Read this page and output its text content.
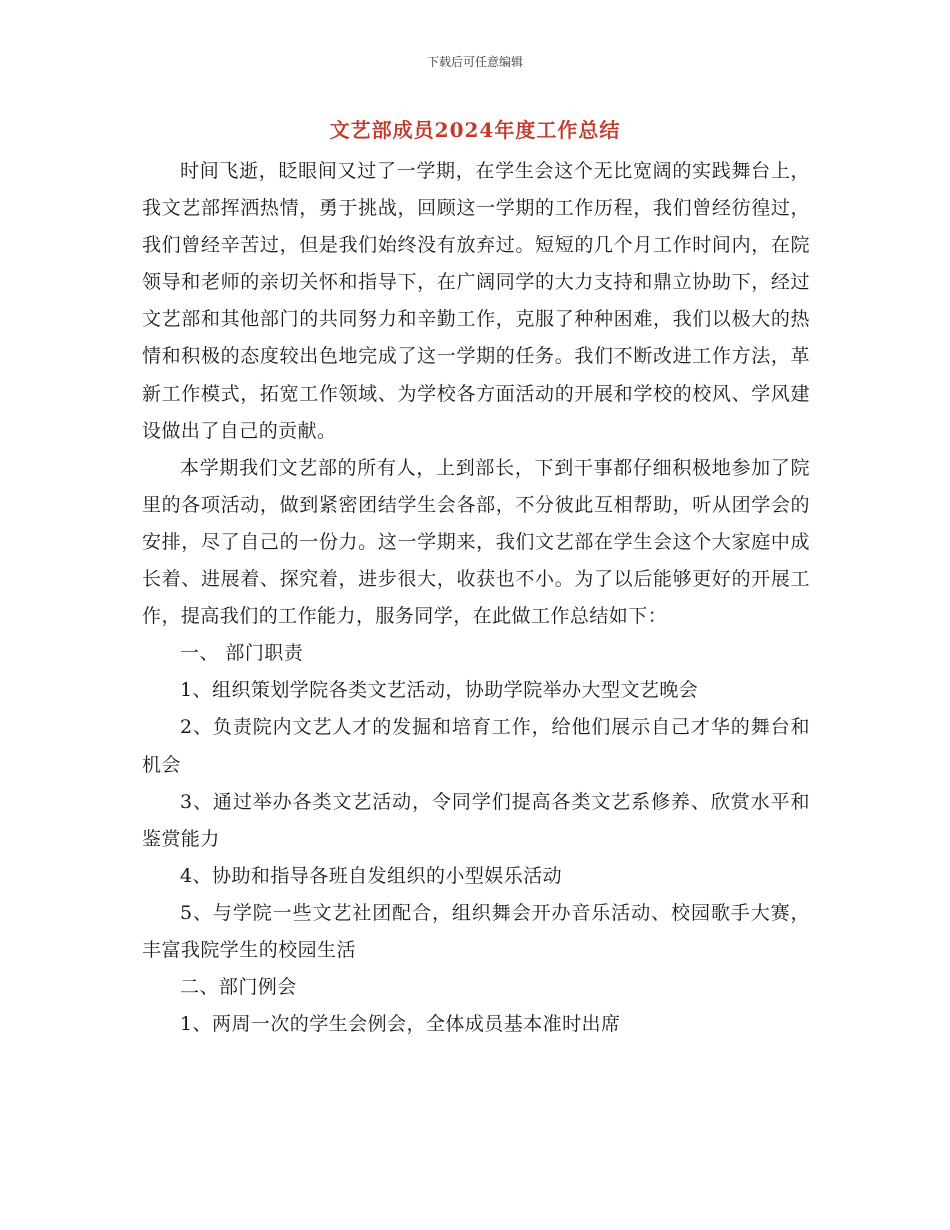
下载后可任意编辑
文艺部成员2024年度工作总结

时间飞逝，眨眼间又过了一学期，在学生会这个无比宽阔的实践舞台上，我文艺部挥洒热情，勇于挑战，回顾这一学期的工作历程，我们曾经彷徨过，我们曾经辛苦过，但是我们始终没有放弃过。短短的几个月工作时间内，在院领导和老师的亲切关怀和指导下，在广阔同学的大力支持和鼎立协助下，经过文艺部和其他部门的共同努力和辛勤工作，克服了种种困难，我们以极大的热情和积极的态度较出色地完成了这一学期的任务。我们不断改进工作方法，革新工作模式，拓宽工作领域、为学校各方面活动的开展和学校的校风、学风建设做出了自己的贡献。

本学期我们文艺部的所有人，上到部长，下到干事都仔细积极地参加了院里的各项活动，做到紧密团结学生会各部，不分彼此互相帮助，听从团学会的安排，尽了自己的一份力。这一学期来，我们文艺部在学生会这个大家庭中成长着、进展着、探究着，进步很大，收获也不小。为了以后能够更好的开展工作，提高我们的工作能力，服务同学，在此做工作总结如下：

一、 部门职责

1、组织策划学院各类文艺活动，协助学院举办大型文艺晚会

2、负责院内文艺人才的发掘和培育工作，给他们展示自己才华的舞台和机会

3、通过举办各类文艺活动，令同学们提高各类文艺系修养、欣赏水平和鉴赏能力

4、协助和指导各班自发组织的小型娱乐活动

5、与学院一些文艺社团配合，组织舞会开办音乐活动、校园歌手大赛，丰富我院学生的校园生活

二、部门例会

1、两周一次的学生会例会，全体成员基本准时出席
